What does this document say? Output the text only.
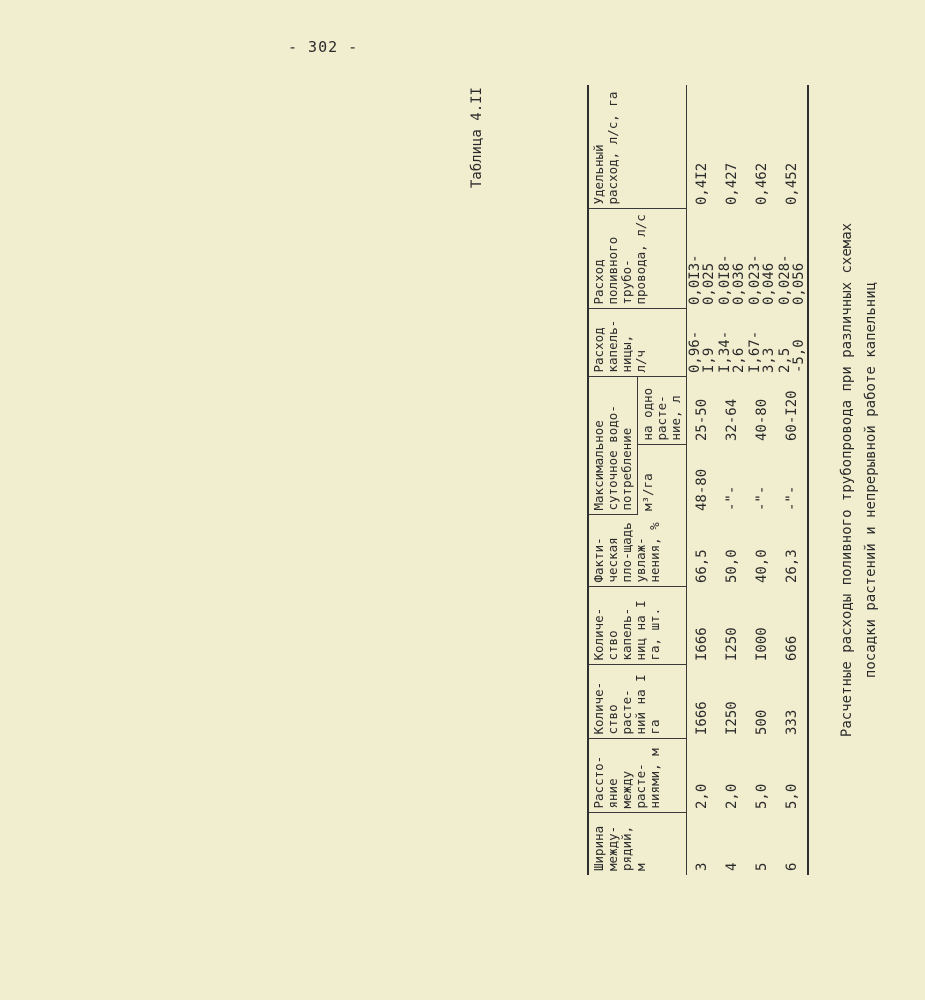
- 302 -
Таблица 4.II
Ширина между-рядий, м	Рассто-яние между расте-ниями, м	Количе-ство расте-ний на I га	Количе-ство капель-ниц на I га, шт.	Факти-ческая пло-щадь увлаж-нения, %	Максимальное суточное водо-потребление		Расход капель-ницы, л/ч	Расход поливного трубо-провода, л/с	Удельный расход, л/с, га
					м³/га	на одно расте-ние, л			
3	2,0	I666	I666	66,5	48-80	25-50	0,96-I,9	0,0I3-0,025	0,4I2
4	2,0	I250	I250	50,0	-"-	32-64	I,34-2,6	0,0I8-0,036	0,427
5	5,0	500	I000	40,0	-"-	40-80	I,67-3,3	0,023-0,046	0,462
6	5,0	333	666	26,3	-"-	60-I20	2,5 -5,0	0,028-0,056	0,452
Расчетные расходы поливного трубопровода при различных схемах посадки растений и непрерывной работе капельниц
